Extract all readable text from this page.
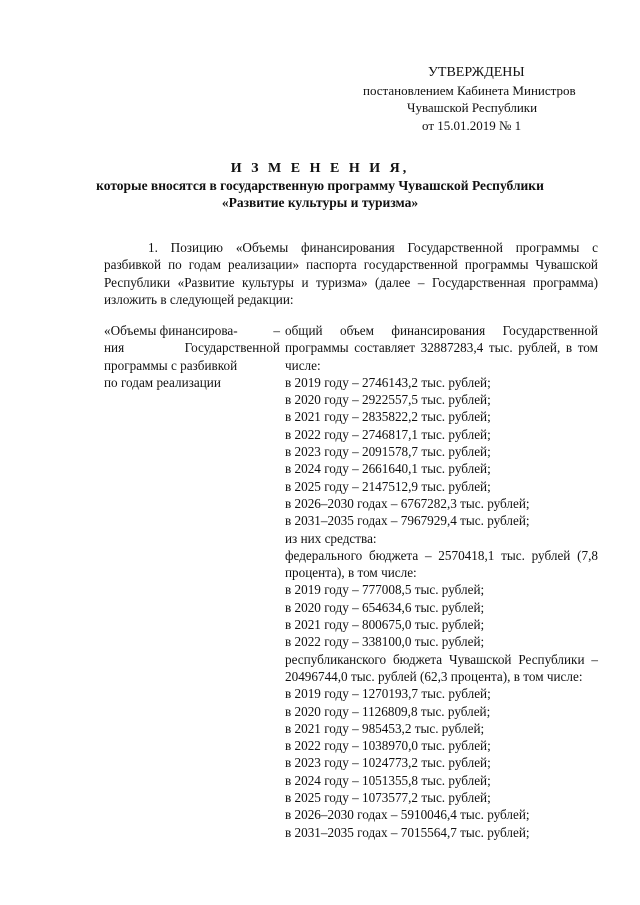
УТВЕРЖДЕНЫ
постановлением Кабинета Министров
Чувашской Республики
от 15.01.2019 № 1
И З М Е Н Е Н И Я,
которые вносятся в государственную программу Чувашской Республики
«Развитие культуры и туризма»

1. Позицию «Объемы финансирования Государственной программы с разбивкой по годам реализации» паспорта государственной программы Чувашской Республики «Развитие культуры и туризма» (далее – Государственная программа) изложить в следующей редакции:

«Объемы финансирова-	–
ния	Государственной
программы с разбивкой
по годам реализации
общий объем финансирования Государственной программы составляет 32887283,4 тыс. рублей, в том числе:
в 2019 году – 2746143,2 тыс. рублей;
в 2020 году – 2922557,5 тыс. рублей;
в 2021 году – 2835822,2 тыс. рублей;
в 2022 году – 2746817,1 тыс. рублей;
в 2023 году – 2091578,7 тыс. рублей;
в 2024 году – 2661640,1 тыс. рублей;
в 2025 году – 2147512,9 тыс. рублей;
в 2026–2030 годах – 6767282,3 тыс. рублей;
в 2031–2035 годах – 7967929,4 тыс. рублей;
из них средства:
федерального бюджета – 2570418,1 тыс. рублей (7,8 процента), в том числе:
в 2019 году – 777008,5 тыс. рублей;
в 2020 году – 654634,6 тыс. рублей;
в 2021 году – 800675,0 тыс. рублей;
в 2022 году – 338100,0 тыс. рублей;
республиканского бюджета Чувашской Республики – 20496744,0 тыс. рублей (62,3 процента), в том числе:
в 2019 году – 1270193,7 тыс. рублей;
в 2020 году – 1126809,8 тыс. рублей;
в 2021 году – 985453,2 тыс. рублей;
в 2022 году – 1038970,0 тыс. рублей;
в 2023 году – 1024773,2 тыс. рублей;
в 2024 году – 1051355,8 тыс. рублей;
в 2025 году – 1073577,2 тыс. рублей;
в 2026–2030 годах – 5910046,4 тыс. рублей;
в 2031–2035 годах – 7015564,7 тыс. рублей;
